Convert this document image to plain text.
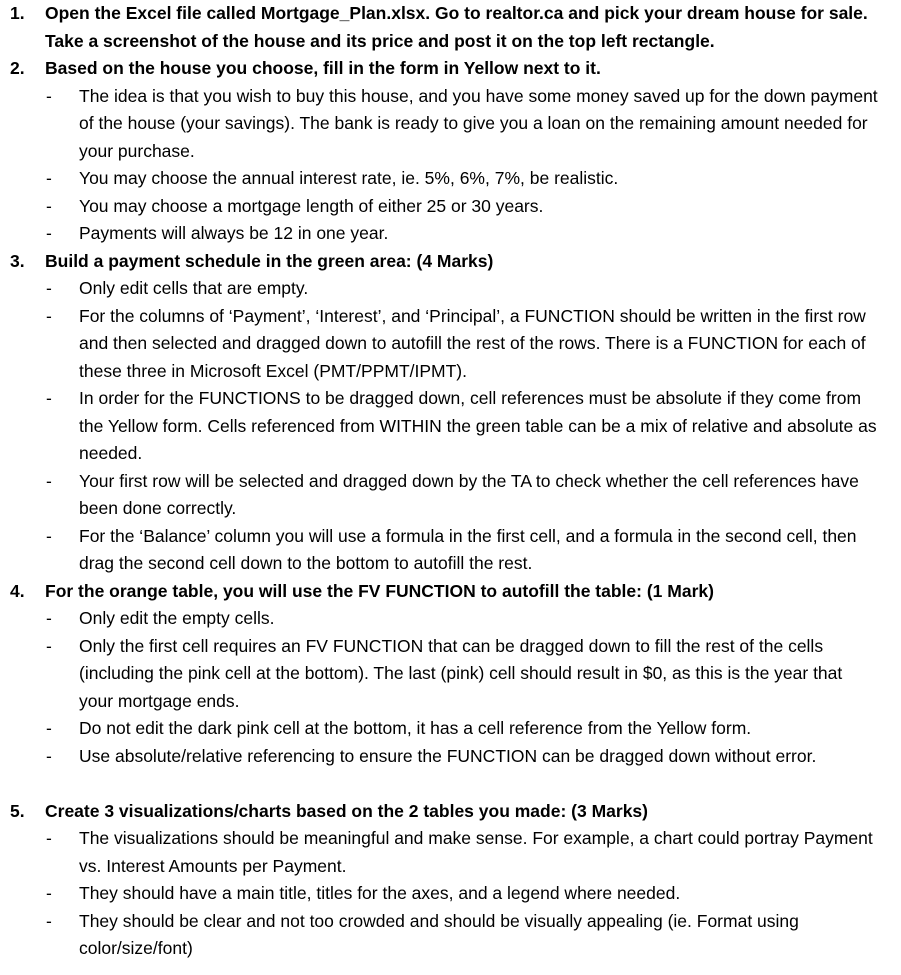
1. Open the Excel file called Mortgage_Plan.xlsx. Go to realtor.ca and pick your dream house for sale. Take a screenshot of the house and its price and post it on the top left rectangle.
2. Based on the house you choose, fill in the form in Yellow next to it.
- The idea is that you wish to buy this house, and you have some money saved up for the down payment of the house (your savings). The bank is ready to give you a loan on the remaining amount needed for your purchase.
- You may choose the annual interest rate, ie. 5%, 6%, 7%, be realistic.
- You may choose a mortgage length of either 25 or 30 years.
- Payments will always be 12 in one year.
3. Build a payment schedule in the green area: (4 Marks)
- Only edit cells that are empty.
- For the columns of ‘Payment’, ‘Interest’, and ‘Principal’, a FUNCTION should be written in the first row and then selected and dragged down to autofill the rest of the rows. There is a FUNCTION for each of these three in Microsoft Excel (PMT/PPMT/IPMT).
- In order for the FUNCTIONS to be dragged down, cell references must be absolute if they come from the Yellow form. Cells referenced from WITHIN the green table can be a mix of relative and absolute as needed.
- Your first row will be selected and dragged down by the TA to check whether the cell references have been done correctly.
- For the ‘Balance’ column you will use a formula in the first cell, and a formula in the second cell, then drag the second cell down to the bottom to autofill the rest.
4. For the orange table, you will use the FV FUNCTION to autofill the table: (1 Mark)
- Only edit the empty cells.
- Only the first cell requires an FV FUNCTION that can be dragged down to fill the rest of the cells (including the pink cell at the bottom). The last (pink) cell should result in $0, as this is the year that your mortgage ends.
- Do not edit the dark pink cell at the bottom, it has a cell reference from the Yellow form.
- Use absolute/relative referencing to ensure the FUNCTION can be dragged down without error.
5. Create 3 visualizations/charts based on the 2 tables you made: (3 Marks)
- The visualizations should be meaningful and make sense. For example, a chart could portray Payment vs. Interest Amounts per Payment.
- They should have a main title, titles for the axes, and a legend where needed.
- They should be clear and not too crowded and should be visually appealing (ie. Format using color/size/font)
